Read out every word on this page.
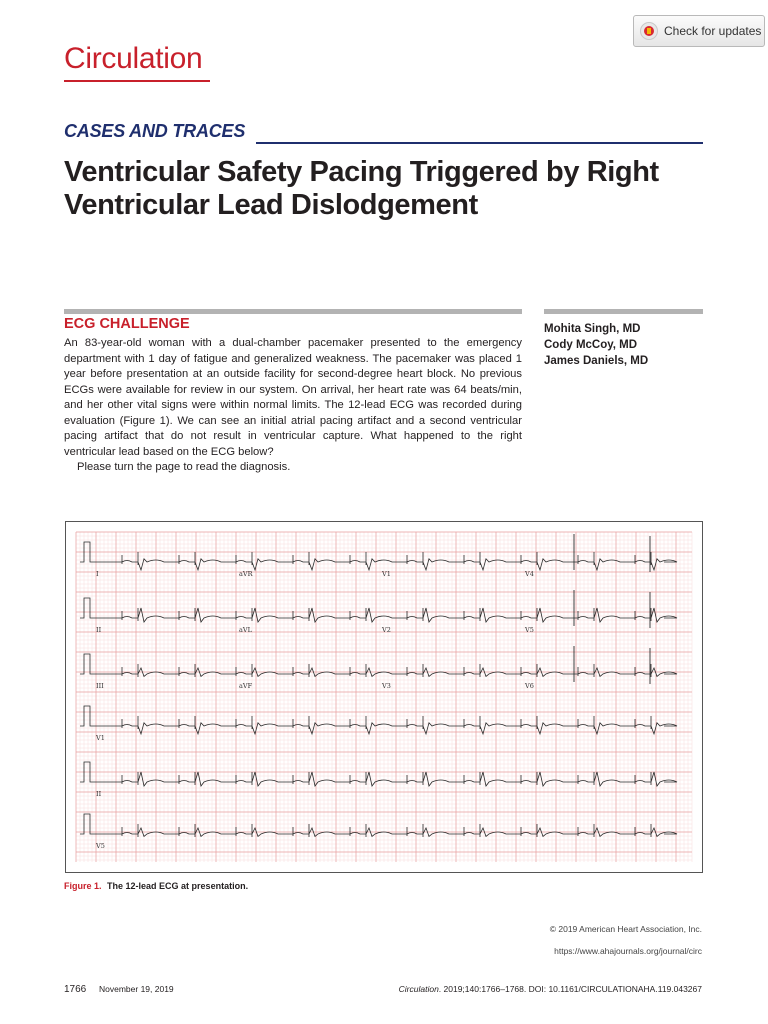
Circulation
Check for updates
CASES AND TRACES
Ventricular Safety Pacing Triggered by Right Ventricular Lead Dislodgement
ECG CHALLENGE

An 83-year-old woman with a dual-chamber pacemaker presented to the emergency department with 1 day of fatigue and generalized weakness. The pacemaker was placed 1 year before presentation at an outside facility for second-degree heart block. No previous ECGs were available for review in our system. On arrival, her heart rate was 64 beats/min, and her other vital signs were within normal limits. The 12-lead ECG was recorded during evaluation (Figure 1). We can see an initial atrial pacing artifact and a second ventricular pacing artifact that do not result in ventricular capture. What happened to the right ventricular lead based on the ECG below?

Please turn the page to read the diagnosis.

Mohita Singh, MD
Cody McCoy, MD
James Daniels, MD
I	aVR	V1	V4
II	aVL	V2	V5
III	aVF	V3	V6
V1
II
V5
Figure 1. The 12-lead ECG at presentation.
© 2019 American Heart Association, Inc.
https://www.ahajournals.org/journal/circ
1766 November 19, 2019	Circulation. 2019;140:1766–1768. DOI: 10.1161/CIRCULATIONAHA.119.043267
